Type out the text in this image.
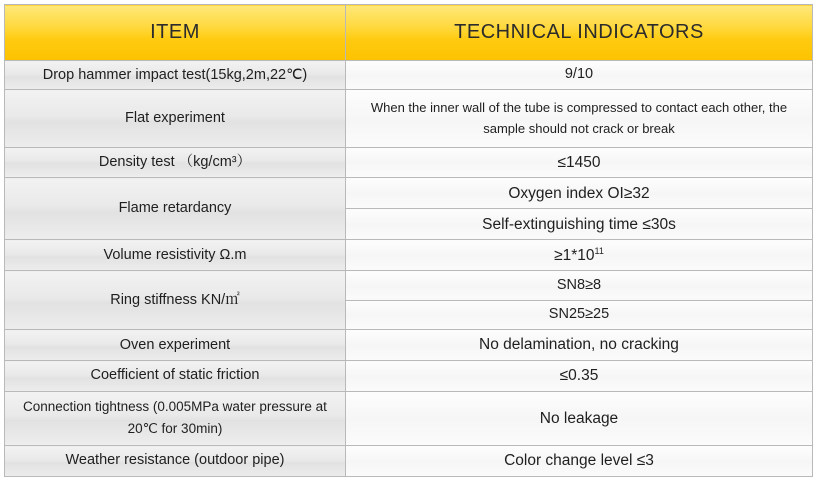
ITEM	TECHNICAL INDICATORS
Drop hammer impact test(15kg,2m,22℃)	9/10
Flat experiment	When the inner wall of the tube is compressed to contact each other, the sample should not crack or break
Density test （kg/cm³）	≤1450
Flame retardancy	Oxygen index OI≥32
	Self-extinguishing time ≤30s
Volume resistivity Ω.m	$\ge 1*10^{11}$
Ring stiffness KN/㎡	SN8≥8
	SN25≥25
Oven experiment	No delamination, no cracking
Coefficient of static friction	≤0.35
Connection tightness (0.005MPa water pressure at 20℃ for 30min)	No leakage
Weather resistance (outdoor pipe)	Color change level ≤3
